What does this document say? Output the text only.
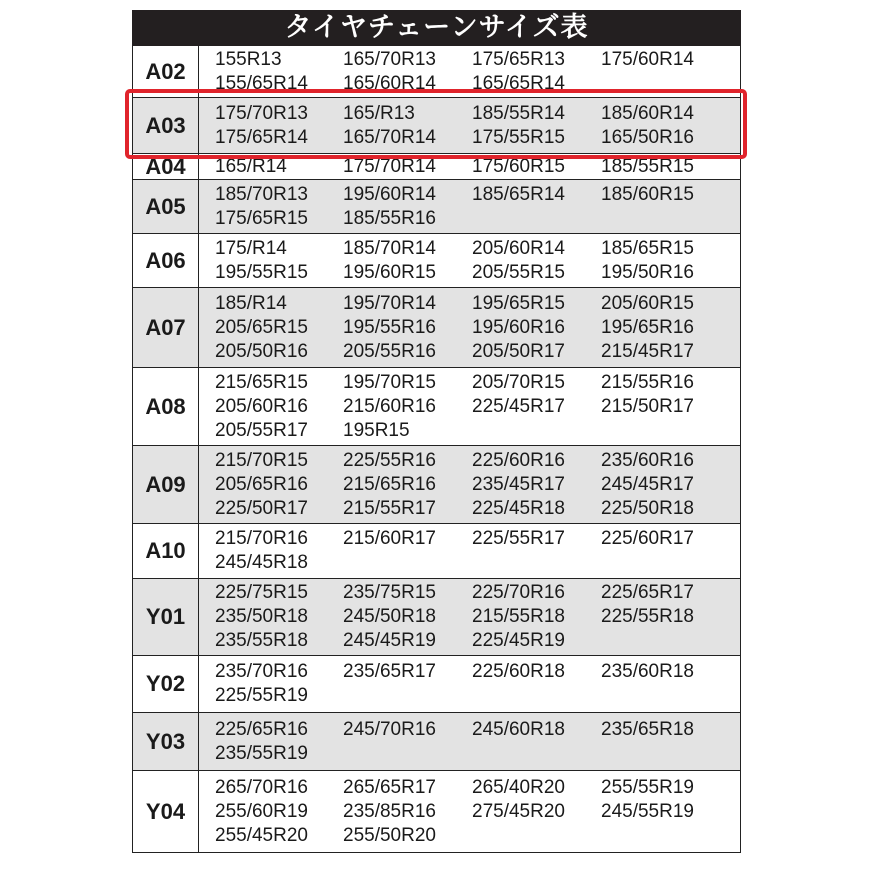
タイヤチェーンサイズ表
A02	155R13	165/70R13	175/65R13	175/60R14
155/65R14	165/60R14	165/65R14
A03	175/70R13	165/R13	185/55R14	185/60R14
175/65R14	165/70R14	175/55R15	165/50R16
A04	165/R14	175/70R14	175/60R15	185/55R15
A05	185/70R13	195/60R14	185/65R14	185/60R15
175/65R15	185/55R16
A06	175/R14	185/70R14	205/60R14	185/65R15
195/55R15	195/60R15	205/55R15	195/50R16
A07
185/R14	195/70R14	195/65R15	205/60R15
205/65R15	195/55R16	195/60R16	195/65R16
205/50R16	205/55R16	205/50R17	215/45R17
A08
215/65R15	195/70R15	205/70R15	215/55R16
205/60R16	215/60R16	225/45R17	215/50R17
205/55R17	195R15
A09
215/70R15	225/55R16	225/60R16	235/60R16
205/65R16	215/65R16	235/45R17	245/45R17
225/50R17	215/55R17	225/45R18	225/50R18
A10	215/70R16	215/60R17	225/55R17	225/60R17
245/45R18
Y01
225/75R15	235/75R15	225/70R16	225/65R17
235/50R18	245/50R18	215/55R18	225/55R18
235/55R18	245/45R19	225/45R19
Y02	235/70R16	235/65R17	225/60R18	235/60R18
225/55R19
Y03	225/65R16	245/70R16	245/60R18	235/65R18
235/55R19
Y04
265/70R16	265/65R17	265/40R20	255/55R19
255/60R19	235/85R16	275/45R20	245/55R19
255/45R20	255/50R20
